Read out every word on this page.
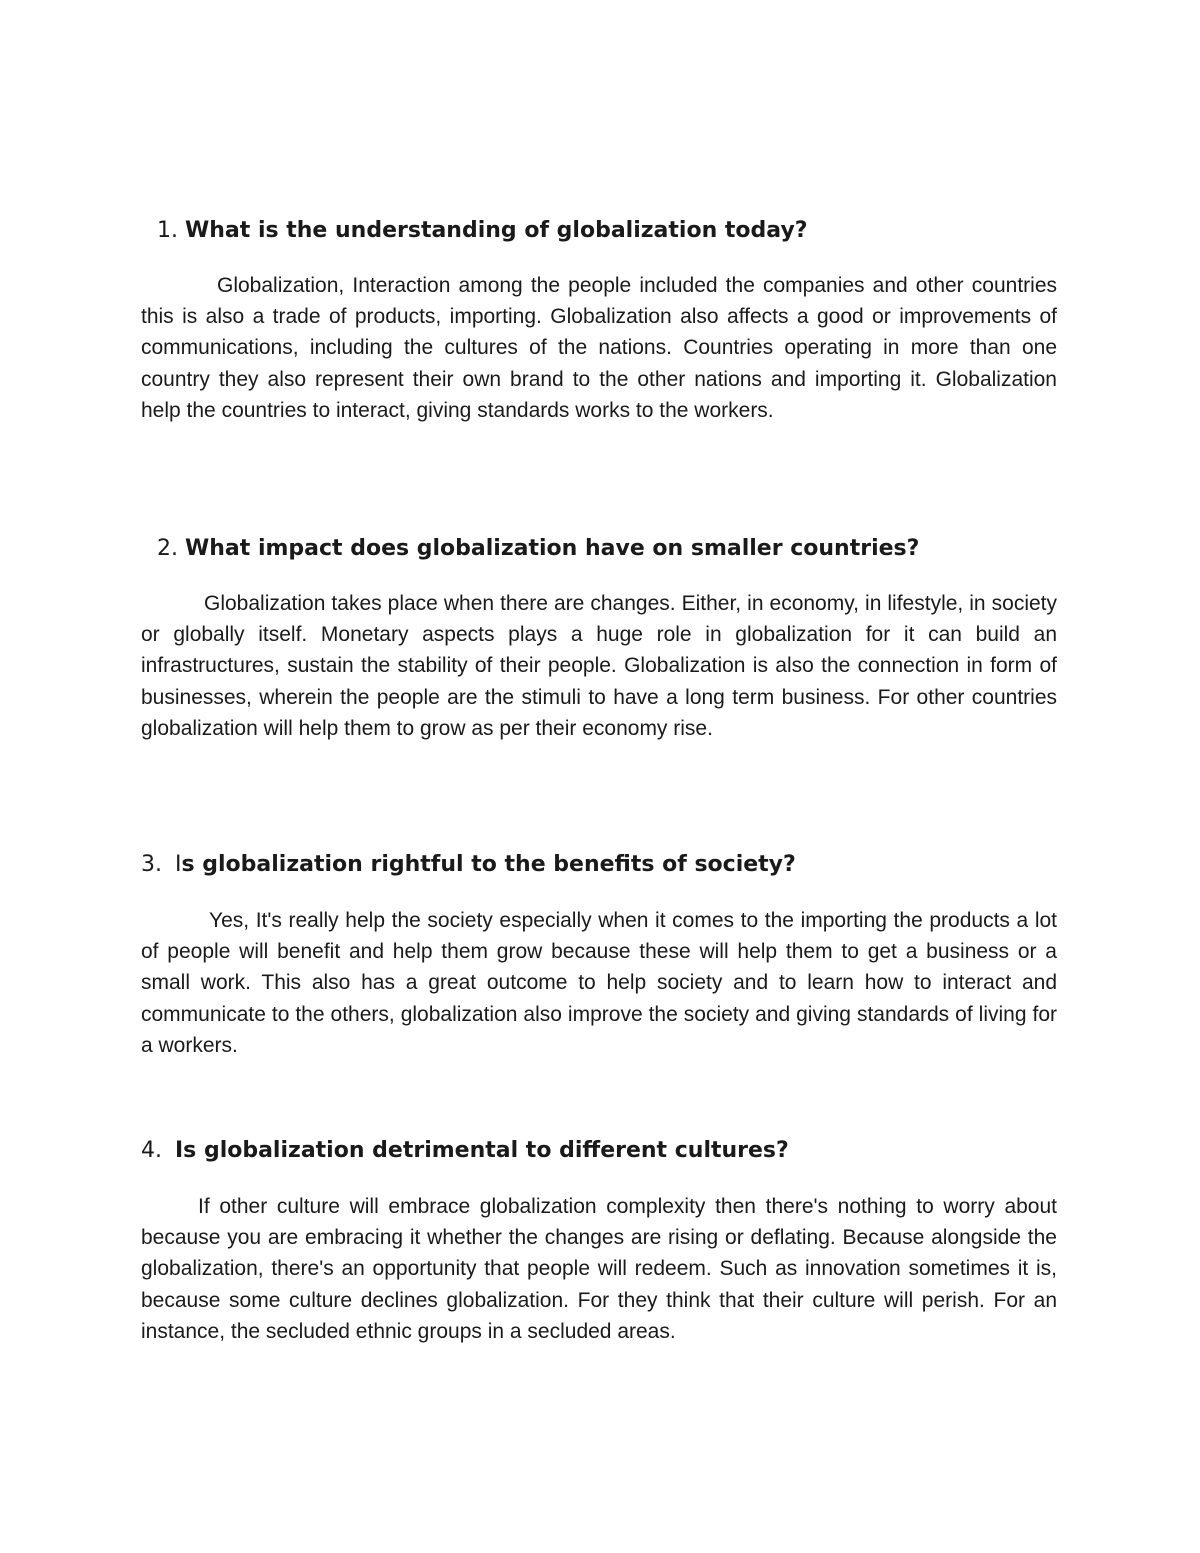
1. What is the understanding of globalization today?

Globalization, Interaction among the people included the companies and other countries this is also a trade of products, importing. Globalization also affects a good or improvements of communications, including the cultures of the nations. Countries operating in more than one country they also represent their own brand to the other nations and importing it. Globalization help the countries to interact, giving standards works to the workers.

2. What impact does globalization have on smaller countries?

Globalization takes place when there are changes. Either, in economy, in lifestyle, in society or globally itself. Monetary aspects plays a huge role in globalization for it can build an infrastructures, sustain the stability of their people. Globalization is also the connection in form of businesses, wherein the people are the stimuli to have a long term business. For other countries globalization will help them to grow as per their economy rise.

3. Is globalization rightful to the benefits of society?

Yes, It's really help the society especially when it comes to the importing the products a lot of people will benefit and help them grow because these will help them to get a business or a small work. This also has a great outcome to help society and to learn how to interact and communicate to the others, globalization also improve the society and giving standards of living for a workers.

4. Is globalization detrimental to different cultures?

If other culture will embrace globalization complexity then there's nothing to worry about because you are embracing it whether the changes are rising or deflating. Because alongside the globalization, there's an opportunity that people will redeem. Such as innovation sometimes it is, because some culture declines globalization. For they think that their culture will perish. For an instance, the secluded ethnic groups in a secluded areas.
